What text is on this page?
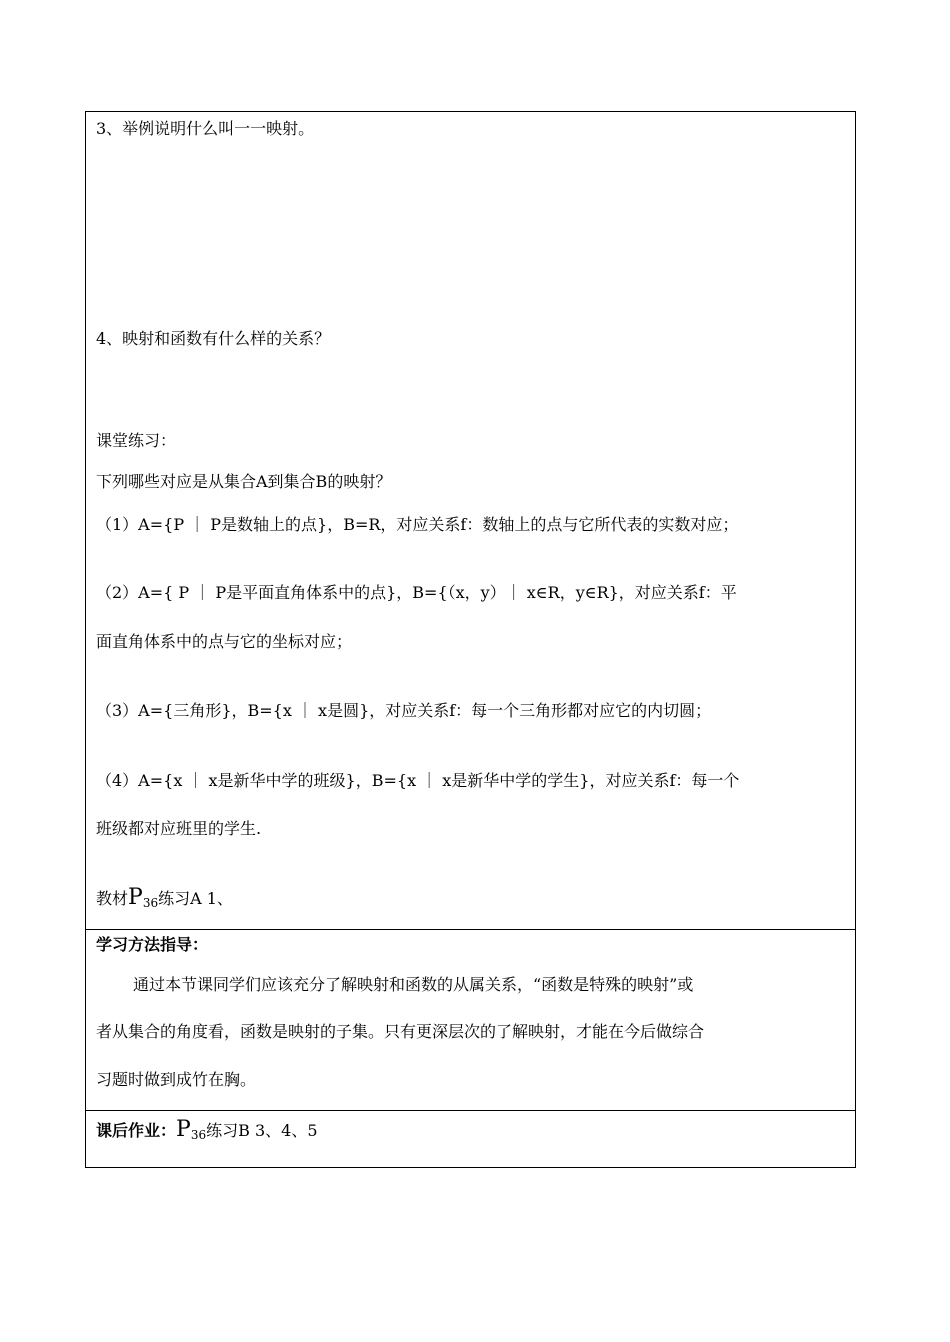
3、举例说明什么叫一一映射。
4、映射和函数有什么样的关系？
课堂练习：
下列哪些对应是从集合A到集合B的映射？
（1）A={P ｜ P是数轴上的点}，B=R，对应关系f：数轴上的点与它所代表的实数对应；
（2）A={ P ｜ P是平面直角体系中的点}，B={（x，y）｜ x∈R，y∈R}，对应关系f：平
面直角体系中的点与它的坐标对应；
（3）A={三角形}，B={x ｜ x是圆}，对应关系f：每一个三角形都对应它的内切圆；
（4）A={x ｜ x是新华中学的班级}，B={x ｜ x是新华中学的学生}，对应关系f：每一个
班级都对应班里的学生.
教材$P_{36}$练习A 1、
学习方法指导：
通过本节课同学们应该充分了解映射和函数的从属关系，“函数是特殊的映射”或
者从集合的角度看，函数是映射的子集。只有更深层次的了解映射，才能在今后做综合
习题时做到成竹在胸。
课后作业：$P_{36}$练习B 3、4、5
